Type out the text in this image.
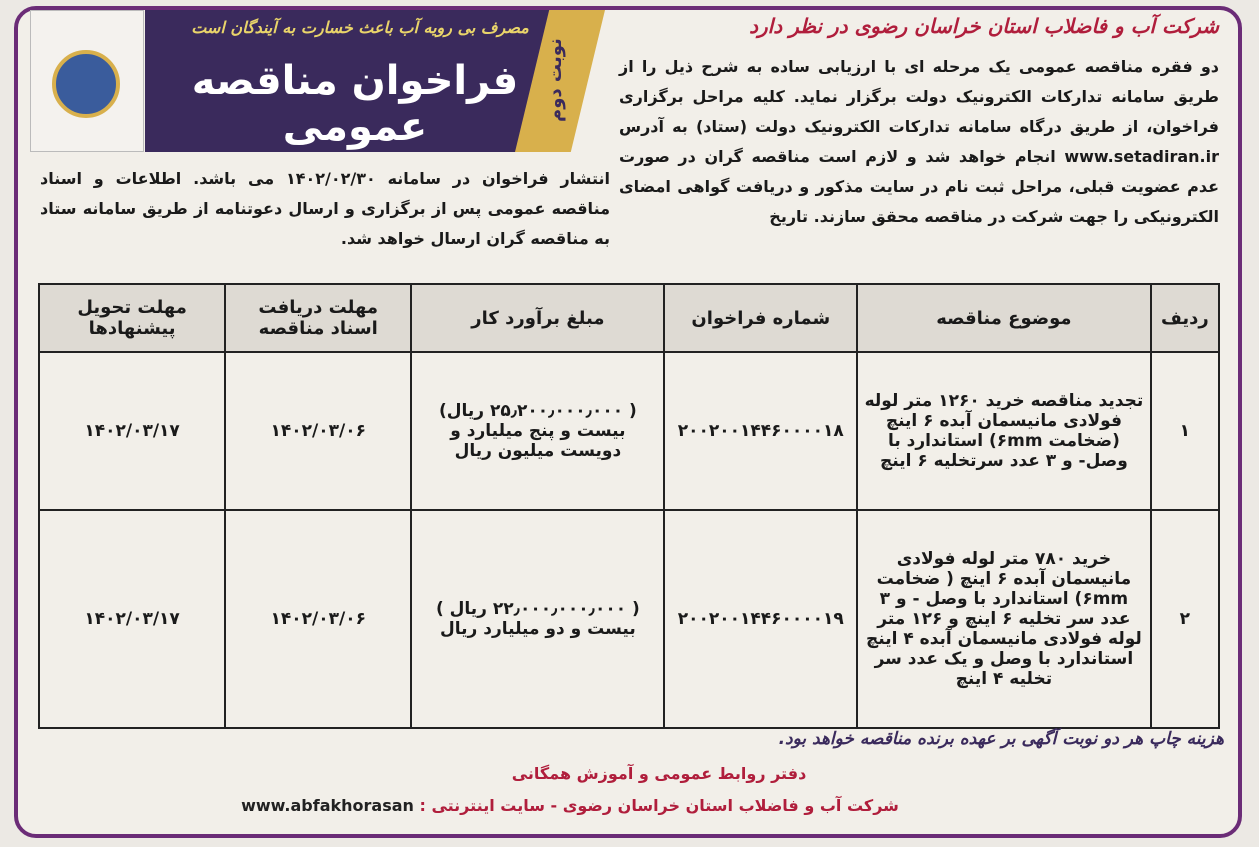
مصرف بی رویه آب باعث خسارت به آیندگان است
فراخوان مناقصه عمومی
نوبت دوم
شرکت آب و فاضلاب استان خراسان رضوی در نظر دارد
دو فقره مناقصه عمومی یک مرحله ای با ارزیابی ساده به شرح ذیل را از طریق سامانه تدارکات الکترونیک دولت برگزار نماید. کلیه مراحل برگزاری فراخوان، از طریق درگاه سامانه تدارکات الکترونیک دولت (ستاد) به آدرس www.setadiran.ir انجام خواهد شد و لازم است مناقصه گران در صورت عدم عضویت قبلی، مراحل ثبت نام در سایت مذکور و دریافت گواهی امضای الکترونیکی را جهت شرکت در مناقصه محقق سازند. تاریخ
انتشار فراخوان در سامانه ۱۴۰۲/۰۲/۳۰ می باشد. اطلاعات و اسناد مناقصه عمومی پس از برگزاری و ارسال دعوتنامه از طریق سامانه ستاد به مناقصه گران ارسال خواهد شد.
ردیف	موضوع مناقصه	شماره فراخوان	مبلغ برآورد کار	مهلت دریافت اسناد مناقصه	مهلت تحویل پیشنهادها
۱	تجدید مناقصه خرید ۱۲۶۰ متر لوله فولادی مانیسمان آبده ۶ اینچ (ضخامت ۶mm) استاندارد با وصل- و ۳ عدد سرتخلیه ۶ اینچ	۲۰۰۲۰۰۱۴۴۶۰۰۰۰۱۸	( ۲۵٫۲۰۰٫۰۰۰٫۰۰۰ ریال) بیست و پنج میلیارد و دویست میلیون ریال	۱۴۰۲/۰۳/۰۶	۱۴۰۲/۰۳/۱۷
۲	خرید ۷۸۰ متر لوله فولادی مانیسمان آبده ۶ اینچ ( ضخامت ۶mm) استاندارد با وصل - و ۳ عدد سر تخلیه ۶ اینچ و ۱۲۶ متر لوله فولادی مانیسمان آبده ۴ اینچ استاندارد با وصل و یک عدد سر تخلیه ۴ اینچ	۲۰۰۲۰۰۱۴۴۶۰۰۰۰۱۹	( ۲۲٫۰۰۰٫۰۰۰٫۰۰۰ ریال ) بیست و دو میلیارد ریال	۱۴۰۲/۰۳/۰۶	۱۴۰۲/۰۳/۱۷
هزینه چاپ هر دو نوبت آگهی بر عهده برنده مناقصه خواهد بود.
دفتر روابط عمومی و آموزش همگانی
شرکت آب و فاضلاب استان خراسان رضوی - سایت اینترنتی : www.abfakhorasan
